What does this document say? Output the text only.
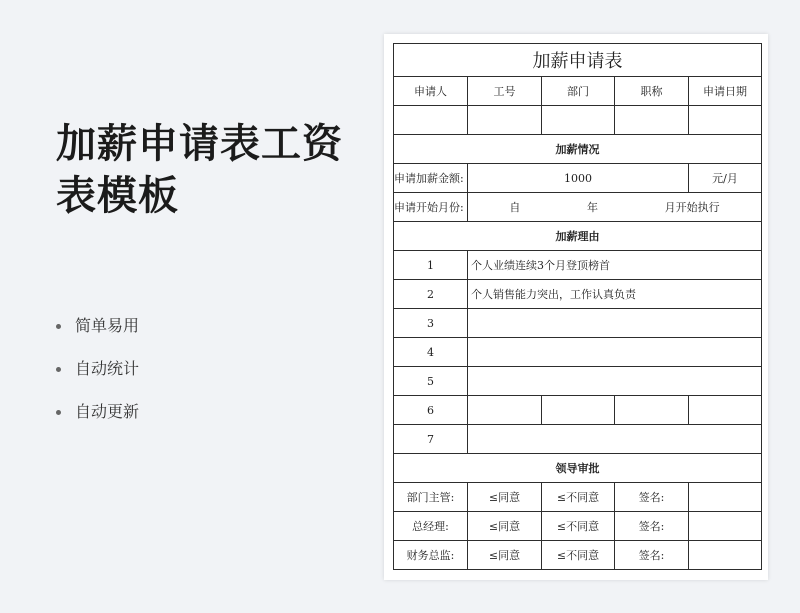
加薪申请表工资
表模板
简单易用
自动统计
自动更新
加薪申请表				
申请人	工号	部门	职称	申请日期

加薪情况				
申请加薪金额:	1000			元/月
申请开始月份:	自 年 月开始执行			

加薪理由				
1	个人业绩连续3个月登顶榜首			
2	个人销售能力突出，工作认真负责			
3				
4				
5				
6				
7				
领导审批				
部门主管:	≤同意	≤不同意	签名:	
总经理:	≤同意	≤不同意	签名:	
财务总监:	≤同意	≤不同意	签名:	
